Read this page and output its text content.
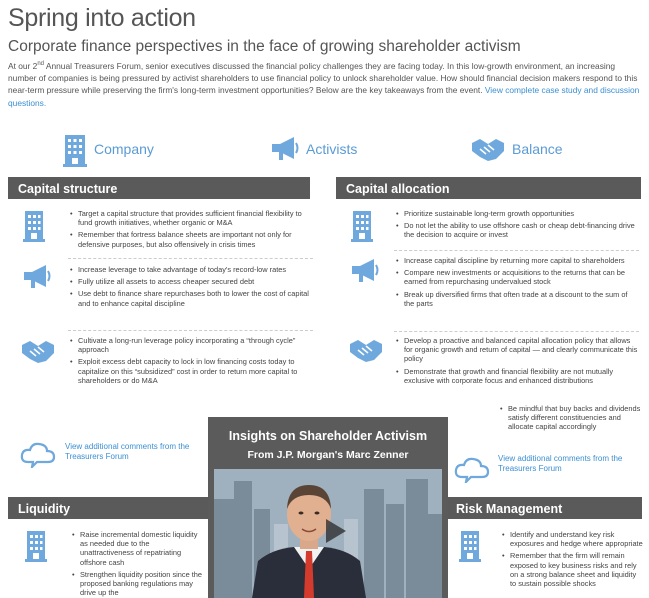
Spring into action
Corporate finance perspectives in the face of growing shareholder activism

At our 2nd Annual Treasurers Forum, senior executives discussed the financial policy challenges they are facing today. In this low-growth environment, an increasing number of companies is being pressured by activist shareholders to use financial policy to unlock shareholder value. How should financial decision makers respond to this near-term pressure while preserving the firm's long-term investment opportunities? Below are the key takeaways from the event. View complete case study and discussion questions.

Company	Activists	Balance
Capital structure
• Target a capital structure that provides sufficient financial flexibility to fund growth initiatives, whether organic or M&A
• Remember that fortress balance sheets are important not only for defensive purposes, but also offensively in crisis times
• Increase leverage to take advantage of today's record-low rates
• Fully utilize all assets to access cheaper secured debt
• Use debt to finance share repurchases both to lower the cost of capital and to enhance capital discipline
• Cultivate a long-run leverage policy incorporating a “through cycle” approach
• Exploit excess debt capacity to lock in low financing costs today to capitalize on this “subsidized” cost in order to return more capital to shareholders or do M&A
View additional comments from the Treasurers Forum
Capital allocation
• Prioritize sustainable long-term growth opportunities
• Do not let the ability to use offshore cash or cheap debt-financing drive the decision to acquire or invest
• Increase capital discipline by returning more capital to shareholders
• Compare new investments or acquisitions to the returns that can be earned from repurchasing undervalued stock
• Break up diversified firms that often trade at a discount to the sum of the parts
• Develop a proactive and balanced capital allocation policy that allows for organic growth and return of capital — and clearly communicate this policy
• Demonstrate that growth and financial flexibility are not mutually exclusive with corporate focus and enhanced distributions
• Be mindful that buy backs and dividends satisfy different constituencies and allocate capital accordingly
View additional comments from the Treasurers Forum
Liquidity
• Raise incremental domestic liquidity as needed due to the unattractiveness of repatriating offshore cash
• Strengthen liquidity position since the proposed banking regulations may drive up the
Risk Management
• Identify and understand key risk exposures and hedge where appropriate
• Remember that the firm will remain exposed to key business risks and rely on a strong balance sheet and liquidity to sustain possible shocks
Insights on Shareholder Activism
From J.P. Morgan's Marc Zenner
